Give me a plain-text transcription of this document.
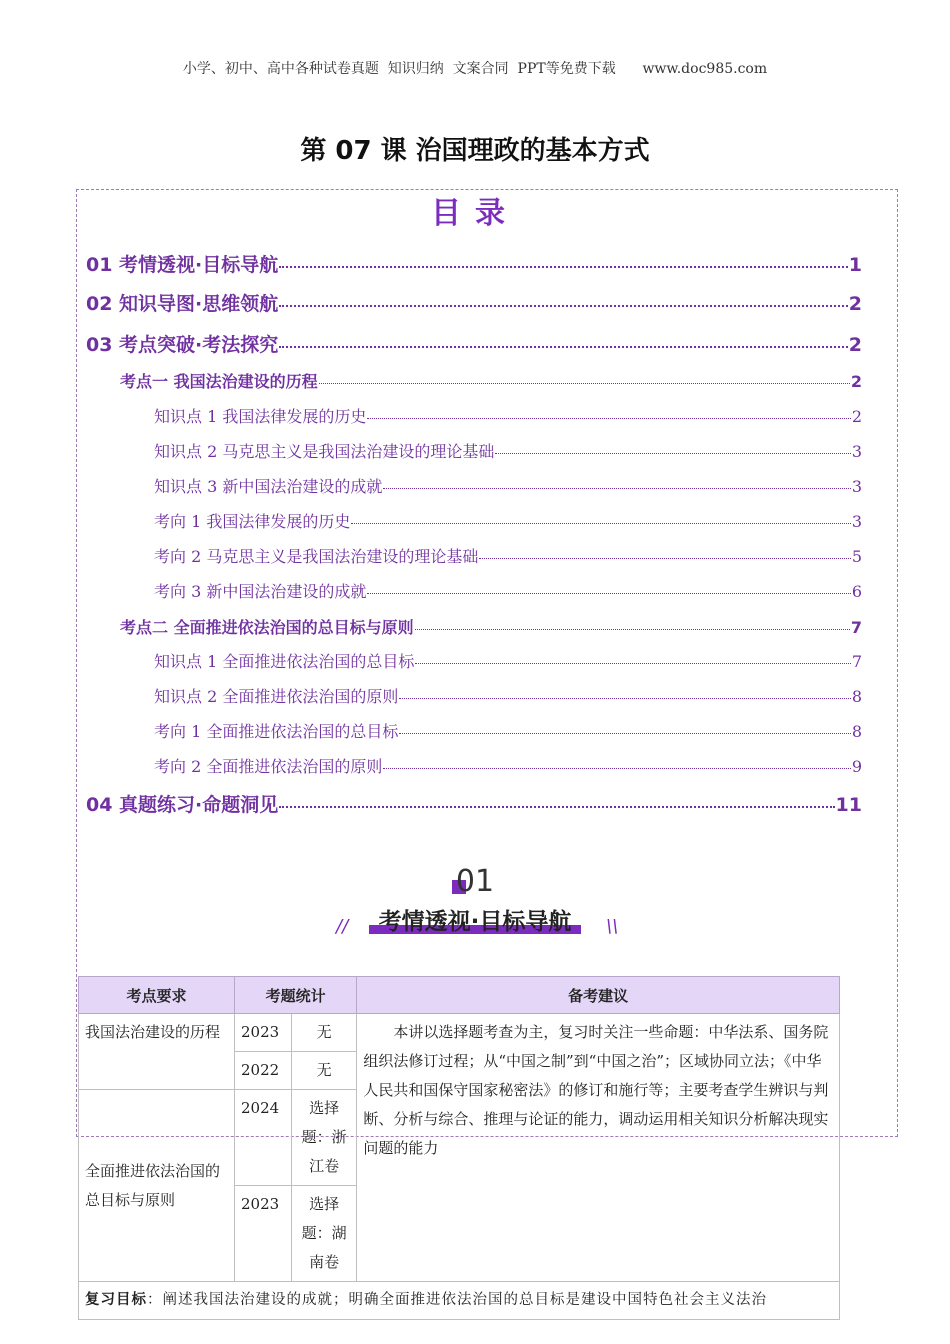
小学、初中、高中各种试卷真题  知识归纳  文案合同  PPT等免费下载      www.doc985.com
第 07 课 治国理政的基本方式
目录
01 考情透视·目标导航	1
02 知识导图·思维领航	2
03 考点突破·考法探究	2
考点一 我国法治建设的历程	2
知识点 1 我国法律发展的历史	2
知识点 2 马克思主义是我国法治建设的理论基础	3
知识点 3 新中国法治建设的成就	3
考向 1 我国法律发展的历史	3
考向 2 马克思主义是我国法治建设的理论基础	5
考向 3 新中国法治建设的成就	6
考点二 全面推进依法治国的总目标与原则	7
知识点 1 全面推进依法治国的总目标	7
知识点 2 全面推进依法治国的原则	8
考向 1 全面推进依法治国的总目标	8
考向 2 全面推进依法治国的原则	9
04 真题练习·命题洞见	11
01
//	考情透视·目标导航	\\
考点要求	考题统计		备考建议
我国法治建设的历程	2023	无	本讲以选择题考查为主，复习时关注一些命题：中华法系、国务院组织法修订过程；从“中国之制”到“中国之治”；区域协同立法；《中华人民共和国保守国家秘密法》的修订和施行等；主要考查学生辨识与判断、分析与综合、推理与论证的能力，调动运用相关知识分析解决现实问题的能力
	2022	无	
全面推进依法治国的总目标与原则	2024	选择题：浙江卷	
	2023	选择题：湖南卷	
复习目标：阐述我国法治建设的成就；明确全面推进依法治国的总目标是建设中国特色社会主义法治			
